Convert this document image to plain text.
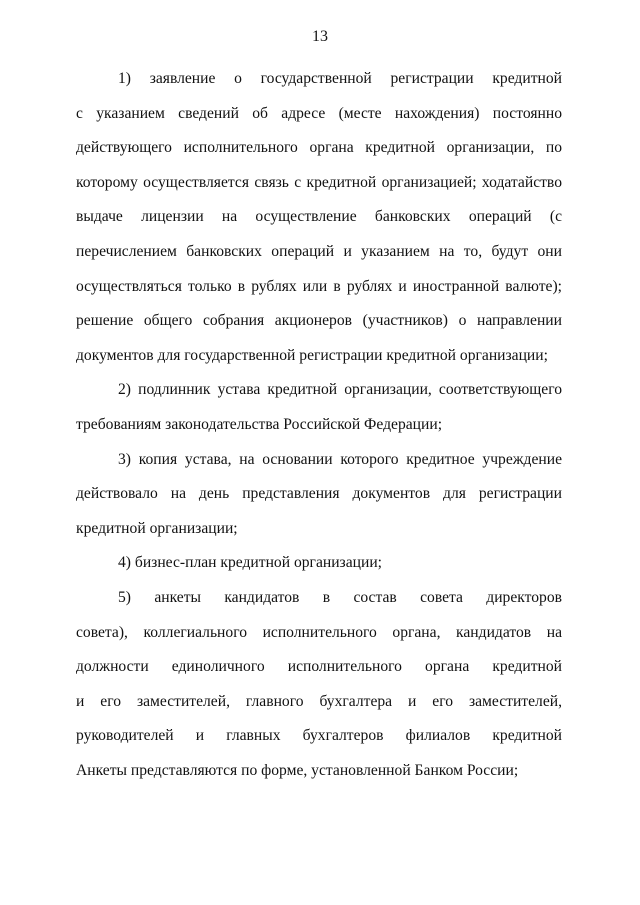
13
1) заявление о государственной регистрации кредитной
с указанием сведений об адресе (месте нахождения) постоянно
действующего исполнительного органа кредитной организации, по
которому осуществляется связь с кредитной организацией; ходатайство
выдаче лицензии на осуществление банковских операций (с
перечислением банковских операций и указанием на то, будут они
осуществляться только в рублях или в рублях и иностранной валюте);
решение общего собрания акционеров (участников) о направлении
документов для государственной регистрации кредитной организации;
2) подлинник устава кредитной организации, соответствующего
требованиям законодательства Российской Федерации;
3) копия устава, на основании которого кредитное учреждение
действовало на день представления документов для регистрации
кредитной организации;
4) бизнес-план кредитной организации;
5) анкеты кандидатов в состав совета директоров
совета), коллегиального исполнительного органа, кандидатов на
должности единоличного исполнительного органа кредитной
и его заместителей, главного бухгалтера и его заместителей,
руководителей и главных бухгалтеров филиалов кредитной
Анкеты представляются по форме, установленной Банком России;
